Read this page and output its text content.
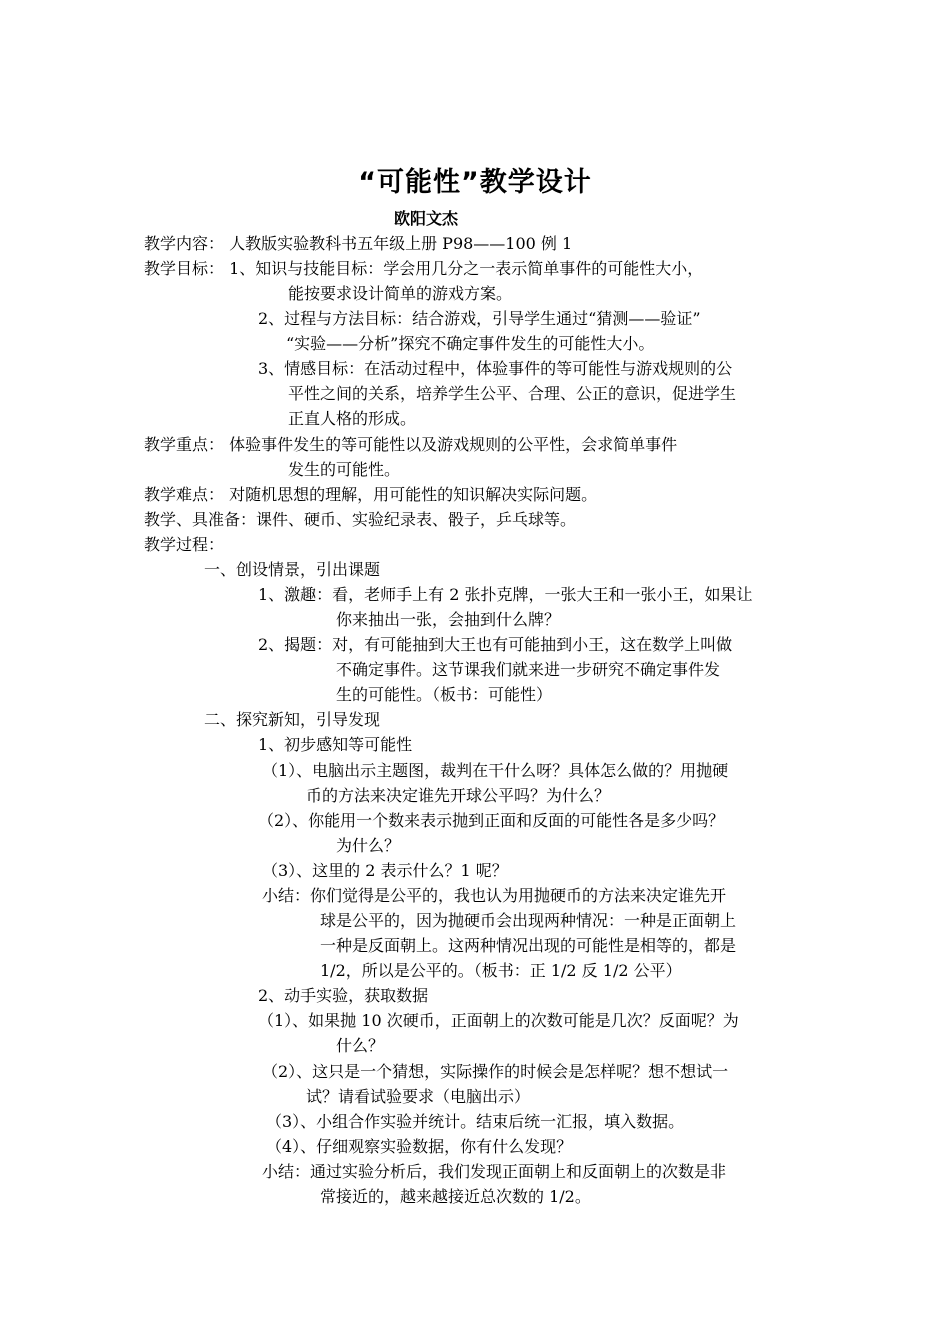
“可能性”教学设计
欧阳文杰
教学内容： 人教版实验教科书五年级上册 P98——100 例 1
教学目标： 1、知识与技能目标：学会用几分之一表示简单事件的可能性大小，
能按要求设计简单的游戏方案。
2、过程与方法目标：结合游戏，引导学生通过“猜测——验证”
“实验——分析”探究不确定事件发生的可能性大小。
3、情感目标：在活动过程中，体验事件的等可能性与游戏规则的公
平性之间的关系，培养学生公平、合理、公正的意识，促进学生
正直人格的形成。
教学重点： 体验事件发生的等可能性以及游戏规则的公平性，会求简单事件
发生的可能性。
教学难点： 对随机思想的理解，用可能性的知识解决实际问题。
教学、具准备：课件、硬币、实验纪录表、骰子，乒乓球等。
教学过程：
一、创设情景，引出课题
1、激趣：看，老师手上有 2 张扑克牌，一张大王和一张小王，如果让
你来抽出一张，会抽到什么牌？
2、揭题：对，有可能抽到大王也有可能抽到小王，这在数学上叫做
不确定事件。这节课我们就来进一步研究不确定事件发
生的可能性。（板书：可能性）
二、探究新知，引导发现
1、初步感知等可能性
（1）、电脑出示主题图，裁判在干什么呀？具体怎么做的？用抛硬
币的方法来决定谁先开球公平吗？为什么？
（2）、你能用一个数来表示抛到正面和反面的可能性各是多少吗？
为什么？
（3）、这里的 2 表示什么？1 呢？
小结：你们觉得是公平的，我也认为用抛硬币的方法来决定谁先开
球是公平的，因为抛硬币会出现两种情况：一种是正面朝上
一种是反面朝上。这两种情况出现的可能性是相等的，都是
1/2，所以是公平的。（板书：正 1/2 反 1/2 公平）
2、动手实验，获取数据
（1）、如果抛 10 次硬币，正面朝上的次数可能是几次？反面呢？为
什么？
（2）、这只是一个猜想，实际操作的时候会是怎样呢？想不想试一
试？请看试验要求（电脑出示）
（3）、小组合作实验并统计。结束后统一汇报，填入数据。
（4）、仔细观察实验数据，你有什么发现？
小结：通过实验分析后，我们发现正面朝上和反面朝上的次数是非
常接近的，越来越接近总次数的 1/2。
